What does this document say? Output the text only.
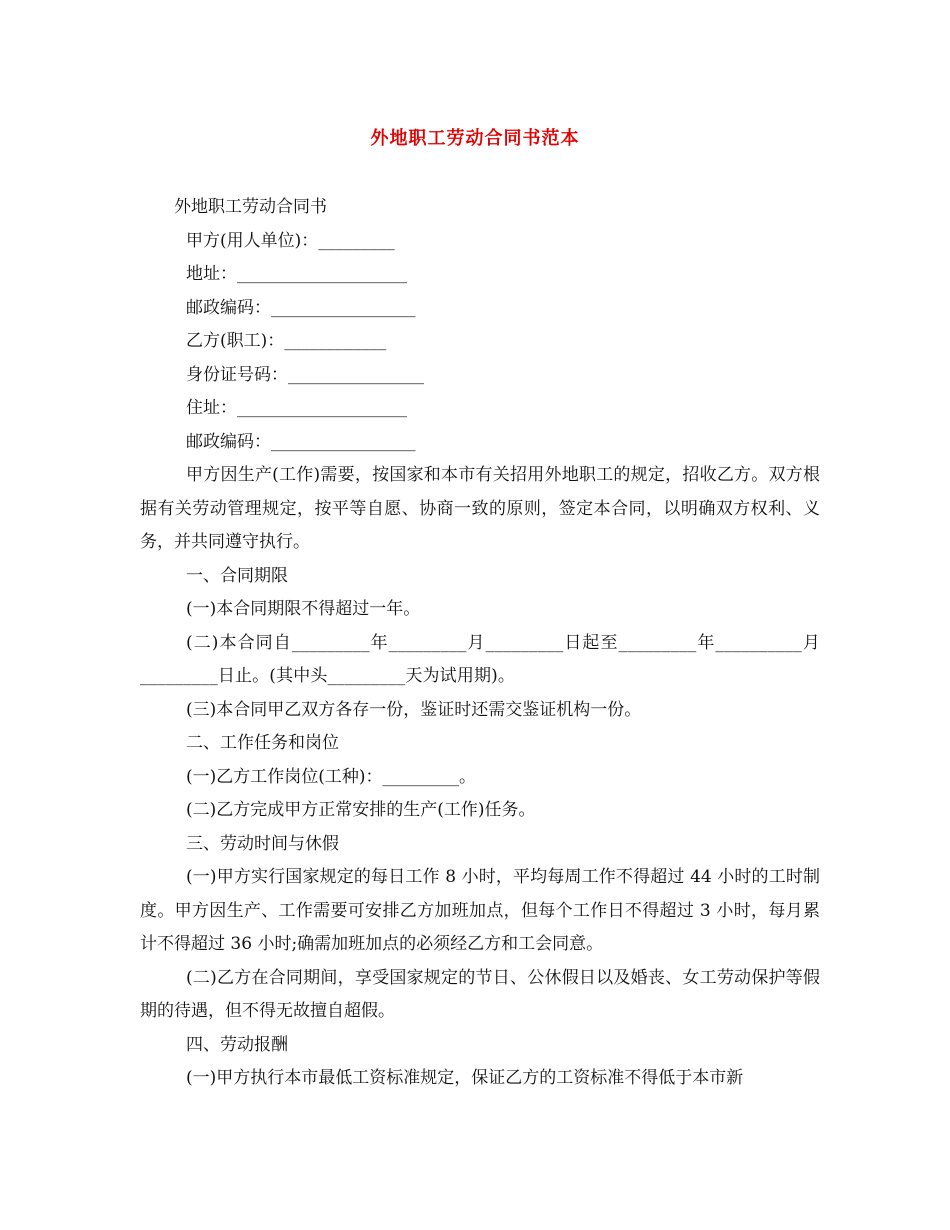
外地职工劳动合同书范本

外地职工劳动合同书

甲方(用人单位)：_________

地址：____________________

邮政编码：_________________

乙方(职工)：____________

身份证号码：________________

住址：____________________

邮政编码：_________________

甲方因生产(工作)需要，按国家和本市有关招用外地职工的规定，招收乙方。双方根据有关劳动管理规定，按平等自愿、协商一致的原则，签定本合同，以明确双方权利、义务，并共同遵守执行。

一、合同期限

(一)本合同期限不得超过一年。

(二)本合同自_________年_________月_________日起至_________年__________月_________日止。(其中头_________天为试用期)。

(三)本合同甲乙双方各存一份，鉴证时还需交鉴证机构一份。

二、工作任务和岗位

(一)乙方工作岗位(工种)：_________。

(二)乙方完成甲方正常安排的生产(工作)任务。

三、劳动时间与休假

(一)甲方实行国家规定的每日工作 8 小时，平均每周工作不得超过 44 小时的工时制度。甲方因生产、工作需要可安排乙方加班加点，但每个工作日不得超过 3 小时，每月累计不得超过 36 小时;确需加班加点的必须经乙方和工会同意。

(二)乙方在合同期间，享受国家规定的节日、公休假日以及婚丧、女工劳动保护等假期的待遇，但不得无故擅自超假。

四、劳动报酬

(一)甲方执行本市最低工资标准规定，保证乙方的工资标准不得低于本市新
